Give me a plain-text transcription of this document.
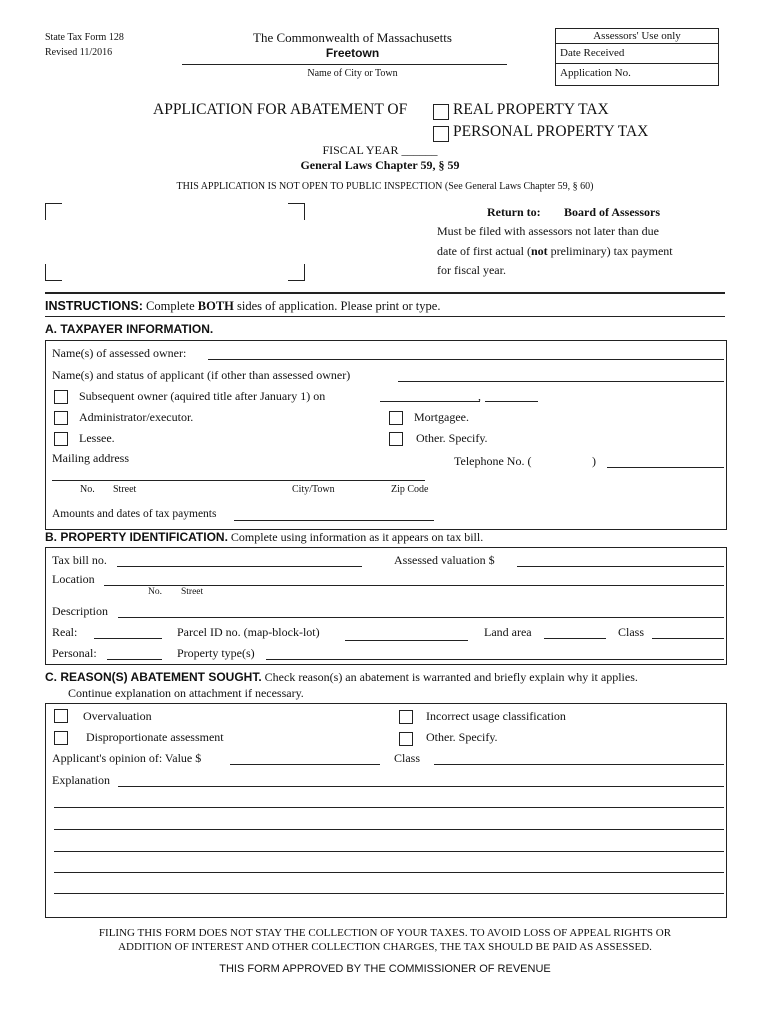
State Tax Form 128
Revised 11/2016
The Commonwealth of Massachusetts
Freetown
Name of City or Town
Assessors' Use only
Date Received
Application No.
APPLICATION FOR ABATEMENT OF	REAL PROPERTY TAX
PERSONAL PROPERTY TAX
FISCAL YEAR ______
General Laws Chapter 59, § 59
THIS APPLICATION IS NOT OPEN TO PUBLIC INSPECTION (See General Laws Chapter 59, § 60)
Return to: Board of Assessors
Must be filed with assessors not later than due
date of first actual (not preliminary) tax payment
for fiscal year.
INSTRUCTIONS: Complete BOTH sides of application. Please print or type.
A. TAXPAYER INFORMATION.
Name(s) of assessed owner:
Name(s) and status of applicant (if other than assessed owner)
Subsequent owner (aquired title after January 1) on	,
Administrator/executor.	Mortgagee.
Lessee.	Other. Specify.
Mailing address	Telephone No. (	)
No. Street	City/Town	Zip Code
Amounts and dates of tax payments
B. PROPERTY IDENTIFICATION. Complete using information as it appears on tax bill.
Tax bill no.	Assessed valuation $
Location
No. Street
Description
Real:	Parcel ID no. (map-block-lot)	Land area	Class
Personal:	Property type(s)
C. REASON(S) ABATEMENT SOUGHT. Check reason(s) an abatement is warranted and briefly explain why it applies.
Continue explanation on attachment if necessary.
Overvaluation	Incorrect usage classification
Disproportionate assessment	Other. Specify.
Applicant's opinion of: Value $	Class
Explanation
FILING THIS FORM DOES NOT STAY THE COLLECTION OF YOUR TAXES. TO AVOID LOSS OF APPEAL RIGHTS OR
ADDITION OF INTEREST AND OTHER COLLECTION CHARGES, THE TAX SHOULD BE PAID AS ASSESSED.
THIS FORM APPROVED BY THE COMMISSIONER OF REVENUE
